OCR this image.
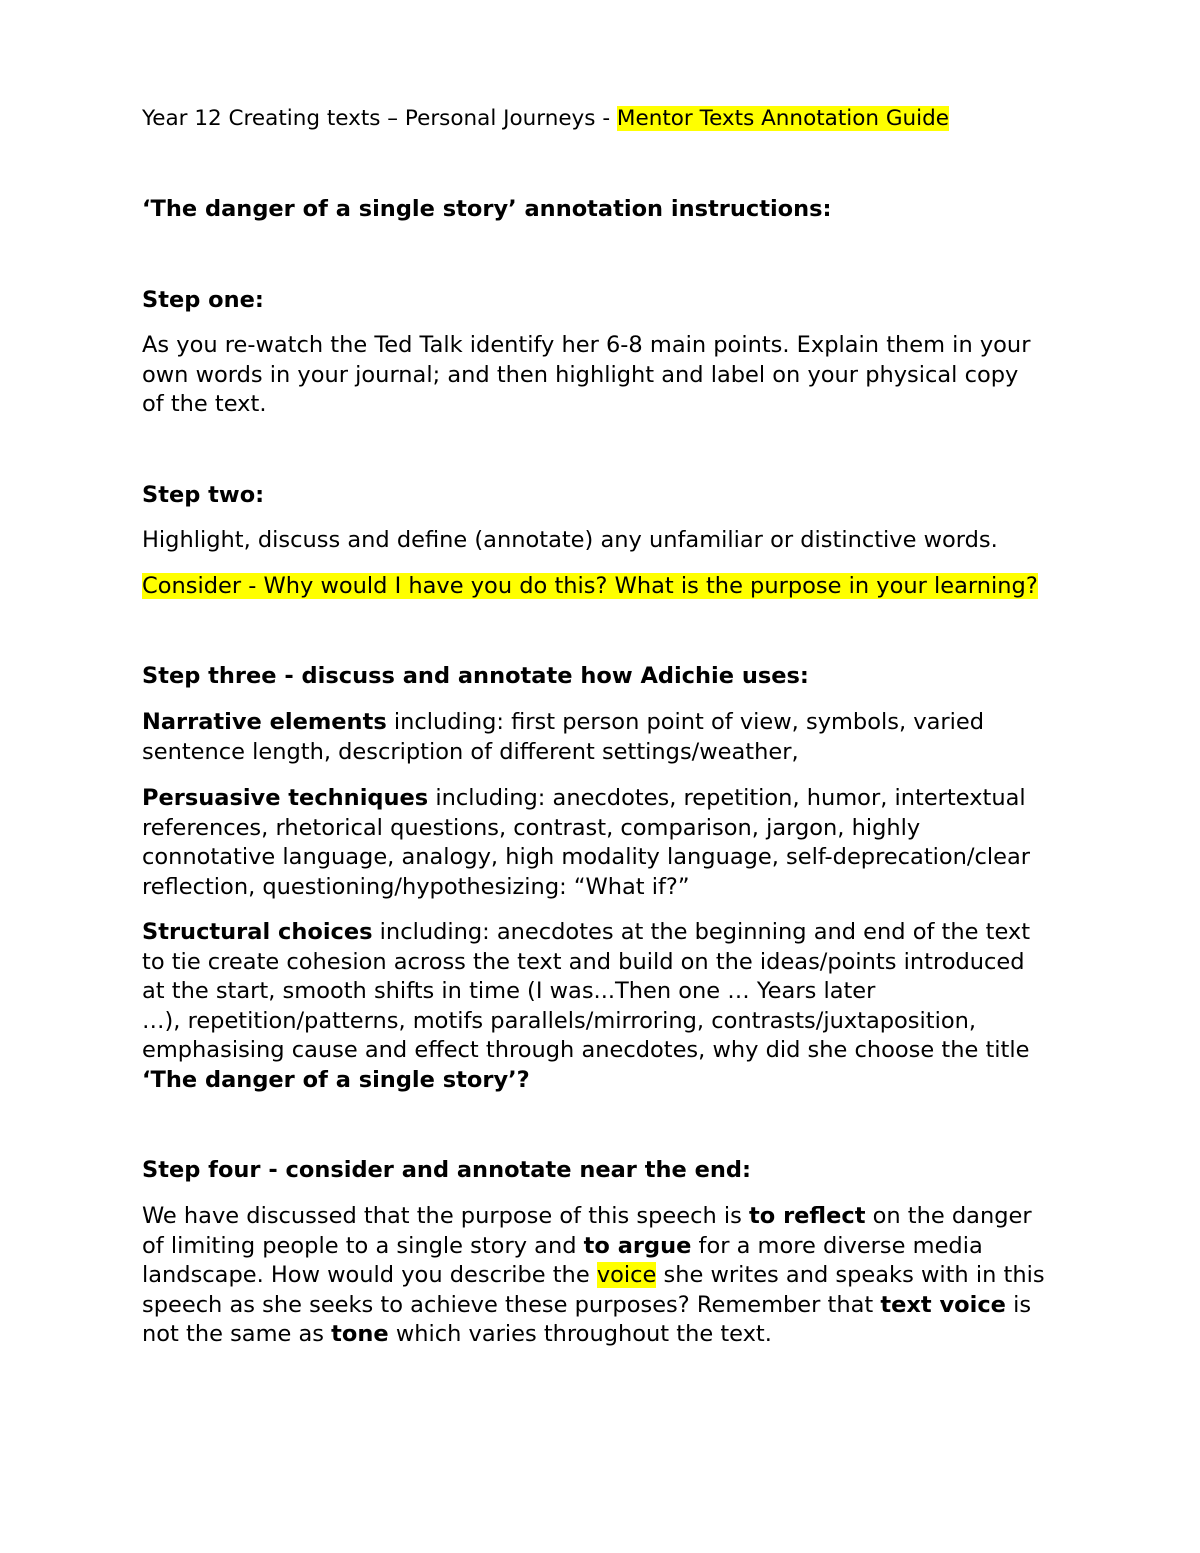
Year 12 Creating texts – Personal Journeys - Mentor Texts Annotation Guide
‘The danger of a single story’ annotation instructions:
Step one:
As you re-watch the Ted Talk identify her 6-8 main points. Explain them in your
own words in your journal; and then highlight and label on your physical copy
of the text.
Step two:
Highlight, discuss and define (annotate) any unfamiliar or distinctive words.
Consider - Why would I have you do this? What is the purpose in your learning?
Step three - discuss and annotate how Adichie uses:
Narrative elements including: first person point of view, symbols, varied
sentence length, description of different settings/weather,
Persuasive techniques including: anecdotes, repetition, humor, intertextual
references, rhetorical questions, contrast, comparison, jargon, highly
connotative language, analogy, high modality language, self-deprecation/clear
reflection, questioning/hypothesizing: “What if?”
Structural choices including: anecdotes at the beginning and end of the text
to tie create cohesion across the text and build on the ideas/points introduced
at the start, smooth shifts in time (I was...Then one … Years later
…), repetition/patterns, motifs parallels/mirroring, contrasts/juxtaposition,
emphasising cause and effect through anecdotes, why did she choose the title
‘The danger of a single story’?
Step four - consider and annotate near the end:
We have discussed that the purpose of this speech is to reflect on the danger
of limiting people to a single story and to argue for a more diverse media
landscape. How would you describe the voice she writes and speaks with in this
speech as she seeks to achieve these purposes? Remember that text voice is
not the same as tone which varies throughout the text.
